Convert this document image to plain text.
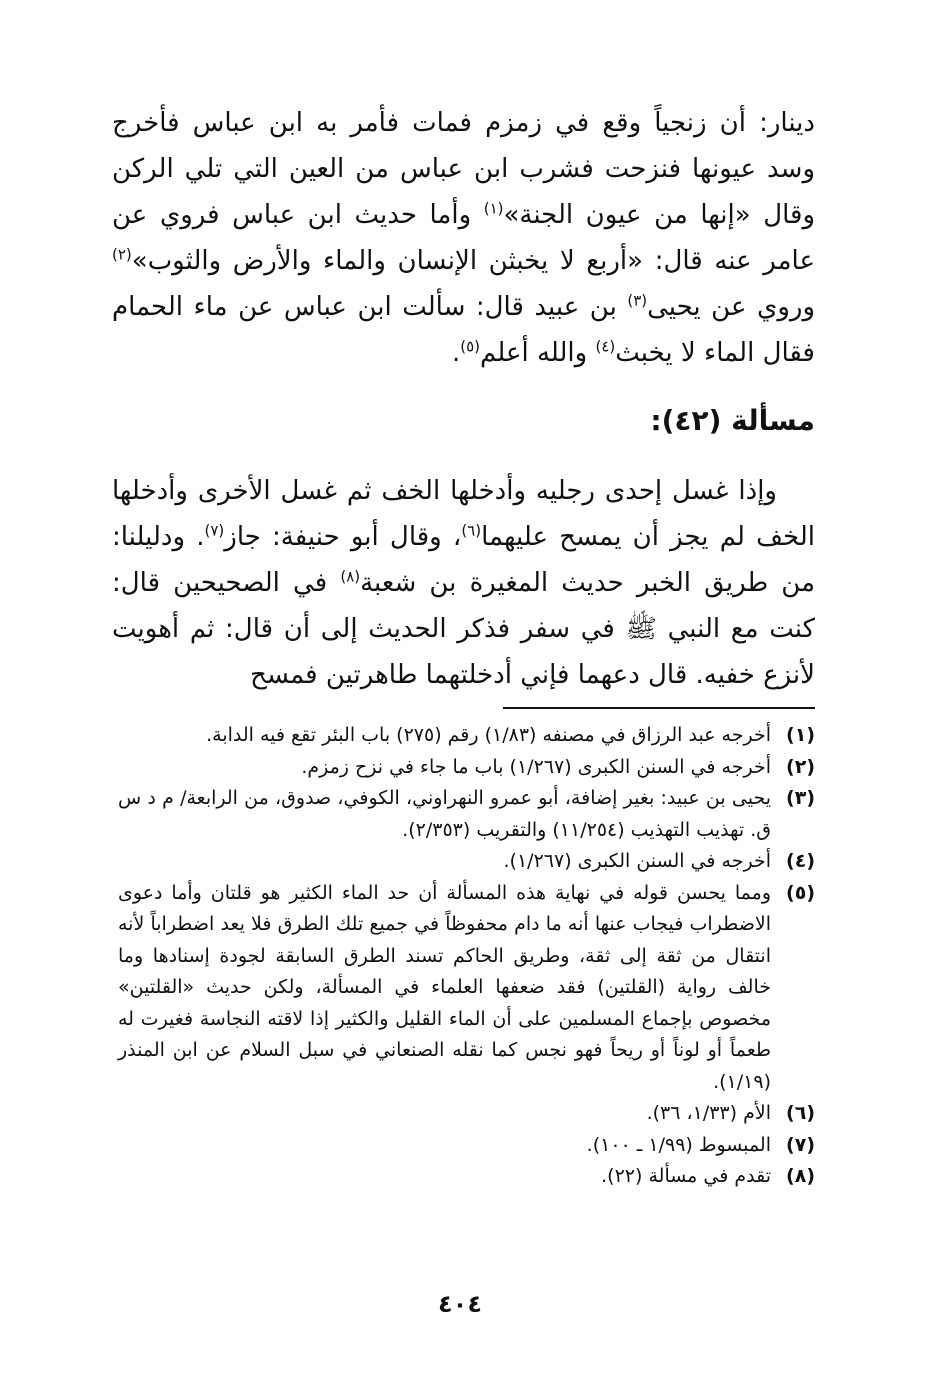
دينار: أن زنجياً وقع في زمزم فمات فأمر به ابن عباس فأخرج وسد عيونها فنزحت فشرب ابن عباس من العين التي تلي الركن وقال «إنها من عيون الجنة»$^{(١)}$ وأما حديث ابن عباس فروي عن عامر عنه قال: «أربع لا يخبثن الإنسان والماء والأرض والثوب»$^{(٢)}$ وروي عن يحيى$^{(٣)}$ بن عبيد قال: سألت ابن عباس عن ماء الحمام فقال الماء لا يخبث$^{(٤)}$ والله أعلم$^{(٥)}$.

مسألة (٤٢):

وإذا غسل إحدى رجليه وأدخلها الخف ثم غسل الأخرى وأدخلها الخف لم يجز أن يمسح عليهما$^{(٦)}$، وقال أبو حنيفة: جاز$^{(٧)}$. ودليلنا: من طريق الخبر حديث المغيرة بن شعبة$^{(٨)}$ في الصحيحين قال: كنت مع النبي ﷺ في سفر فذكر الحديث إلى أن قال: ثم أهويت لأنزع خفيه. قال دعهما فإني أدخلتهما طاهرتين فمسح

(١)
أخرجه عبد الرزاق في مصنفه (١/٨٣) رقم (٢٧٥) باب البئر تقع فيه الدابة.
(٢)
أخرجه في السنن الكبرى (١/٢٦٧) باب ما جاء في نزح زمزم.
(٣)
يحيى بن عبيد: بغير إضافة، أبو عمرو النهراوني، الكوفي، صدوق، من الرابعة/ م د س ق. تهذيب التهذيب (١١/٢٥٤) والتقريب (٢/٣٥٣).
(٤)
أخرجه في السنن الكبرى (١/٢٦٧).
(٥)
ومما يحسن قوله في نهاية هذه المسألة أن حد الماء الكثير هو قلتان وأما دعوى الاضطراب فيجاب عنها أنه ما دام محفوظاً في جميع تلك الطرق فلا يعد اضطراباً لأنه انتقال من ثقة إلى ثقة، وطريق الحاكم تسند الطرق السابقة لجودة إسنادها وما خالف رواية (القلتين) فقد ضعفها العلماء في المسألة، ولكن حديث «القلتين» مخصوص بإجماع المسلمين على أن الماء القليل والكثير إذا لاقته النجاسة فغيرت له طعماً أو لوناً أو ريحاً فهو نجس كما نقله الصنعاني في سبل السلام عن ابن المنذر (١/١٩).
(٦)
الأم (١/٣٣، ٣٦).
(٧)
المبسوط (١/٩٩ ـ ١٠٠).
(٨)
تقدم في مسألة (٢٢).
٤٠٤
